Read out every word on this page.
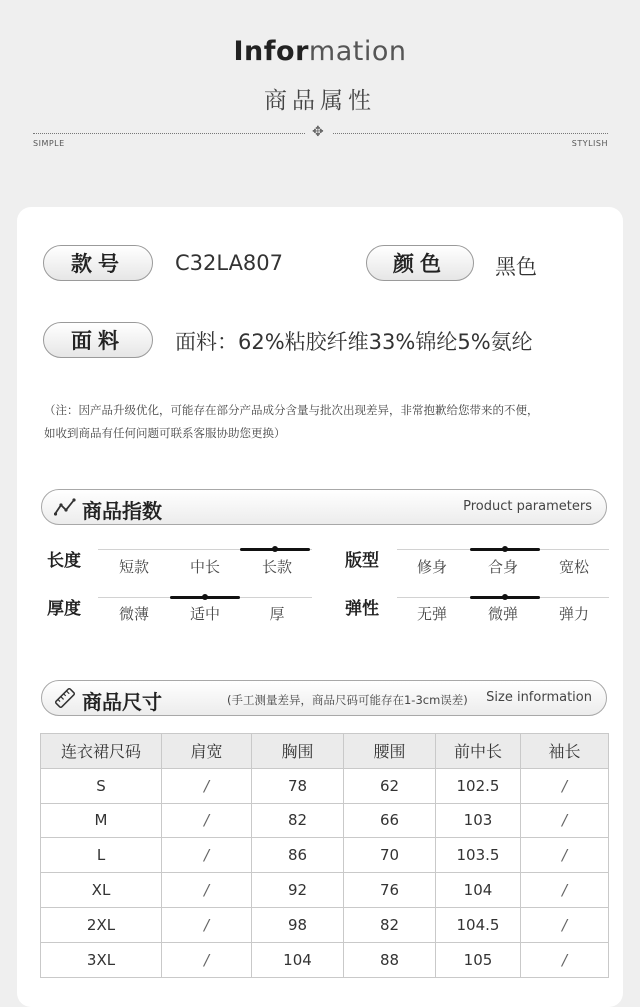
Information
商品属性
✥
SIMPLE	STYLISH
款号	C32LA807	颜色	黑色
面料	面料：62%粘胶纤维33%锦纶5%氨纶
（注：因产品升级优化，可能存在部分产品成分含量与批次出现差异，非常抱歉给您带来的不便，
如收到商品有任何问题可联系客服协助您更换）
商品指数	Product parameters
长度	短款	中长	长款	版型	修身	合身	宽松
厚度	微薄	适中	厚	弹性	无弹	微弹	弹力
商品尺寸	(手工测量差异，商品尺码可能存在1-3cm误差) Size information
连衣裙尺码	肩宽	胸围	腰围	前中长	袖长
S	/	78	62	102.5	/
M	/	82	66	103	/
L	/	86	70	103.5	/
XL	/	92	76	104	/
2XL	/	98	82	104.5	/
3XL	/	104	88	105	/
